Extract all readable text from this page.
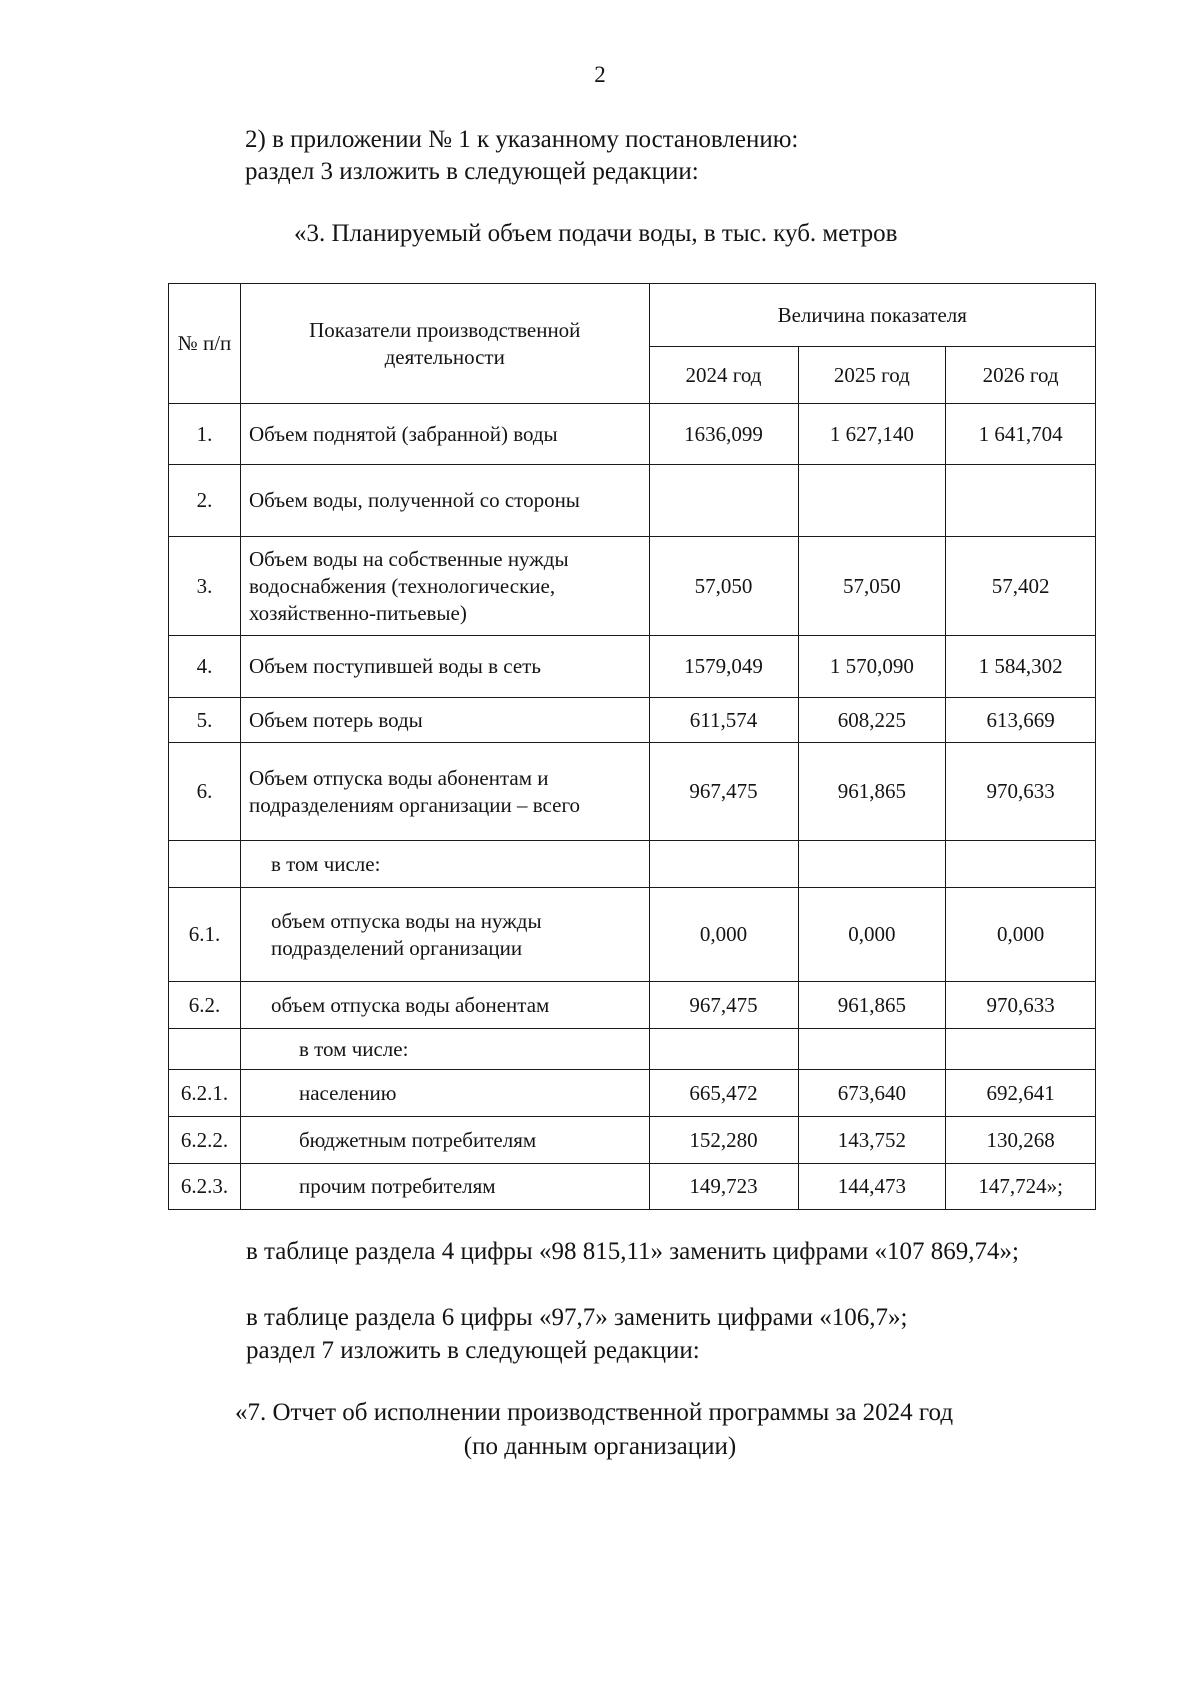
2
2) в приложении № 1 к указанному постановлению:
раздел 3 изложить в следующей редакции:
«3. Планируемый объем подачи воды, в тыс. куб. метров
№ п/п	Показатели производственной деятельности	Величина показателя		
		2024 год	2025 год	2026 год
1.	Объем поднятой (забранной) воды	1636,099	1 627,140	1 641,704
2.	Объем воды, полученной со стороны			
3.	Объем воды на собственные нужды водоснабжения (технологические, хозяйственно-питьевые)	57,050	57,050	57,402
4.	Объем поступившей воды в сеть	1579,049	1 570,090	1 584,302
5.	Объем потерь воды	611,574	608,225	613,669
6.	Объем отпуска воды абонентам и подразделениям организации – всего	967,475	961,865	970,633
	в том числе:			
6.1.	объем отпуска воды на нужды подразделений организации	0,000	0,000	0,000
6.2.	объем отпуска воды абонентам	967,475	961,865	970,633
	в том числе:			
6.2.1.	населению	665,472	673,640	692,641
6.2.2.	бюджетным потребителям	152,280	143,752	130,268
6.2.3.	прочим потребителям	149,723	144,473	147,724»;
в таблице раздела 4 цифры «98 815,11» заменить цифрами «107 869,74»;
в таблице раздела 6 цифры «97,7» заменить цифрами «106,7»;
раздел 7 изложить в следующей редакции:
«7. Отчет об исполнении производственной программы за 2024 год
(по данным организации)
